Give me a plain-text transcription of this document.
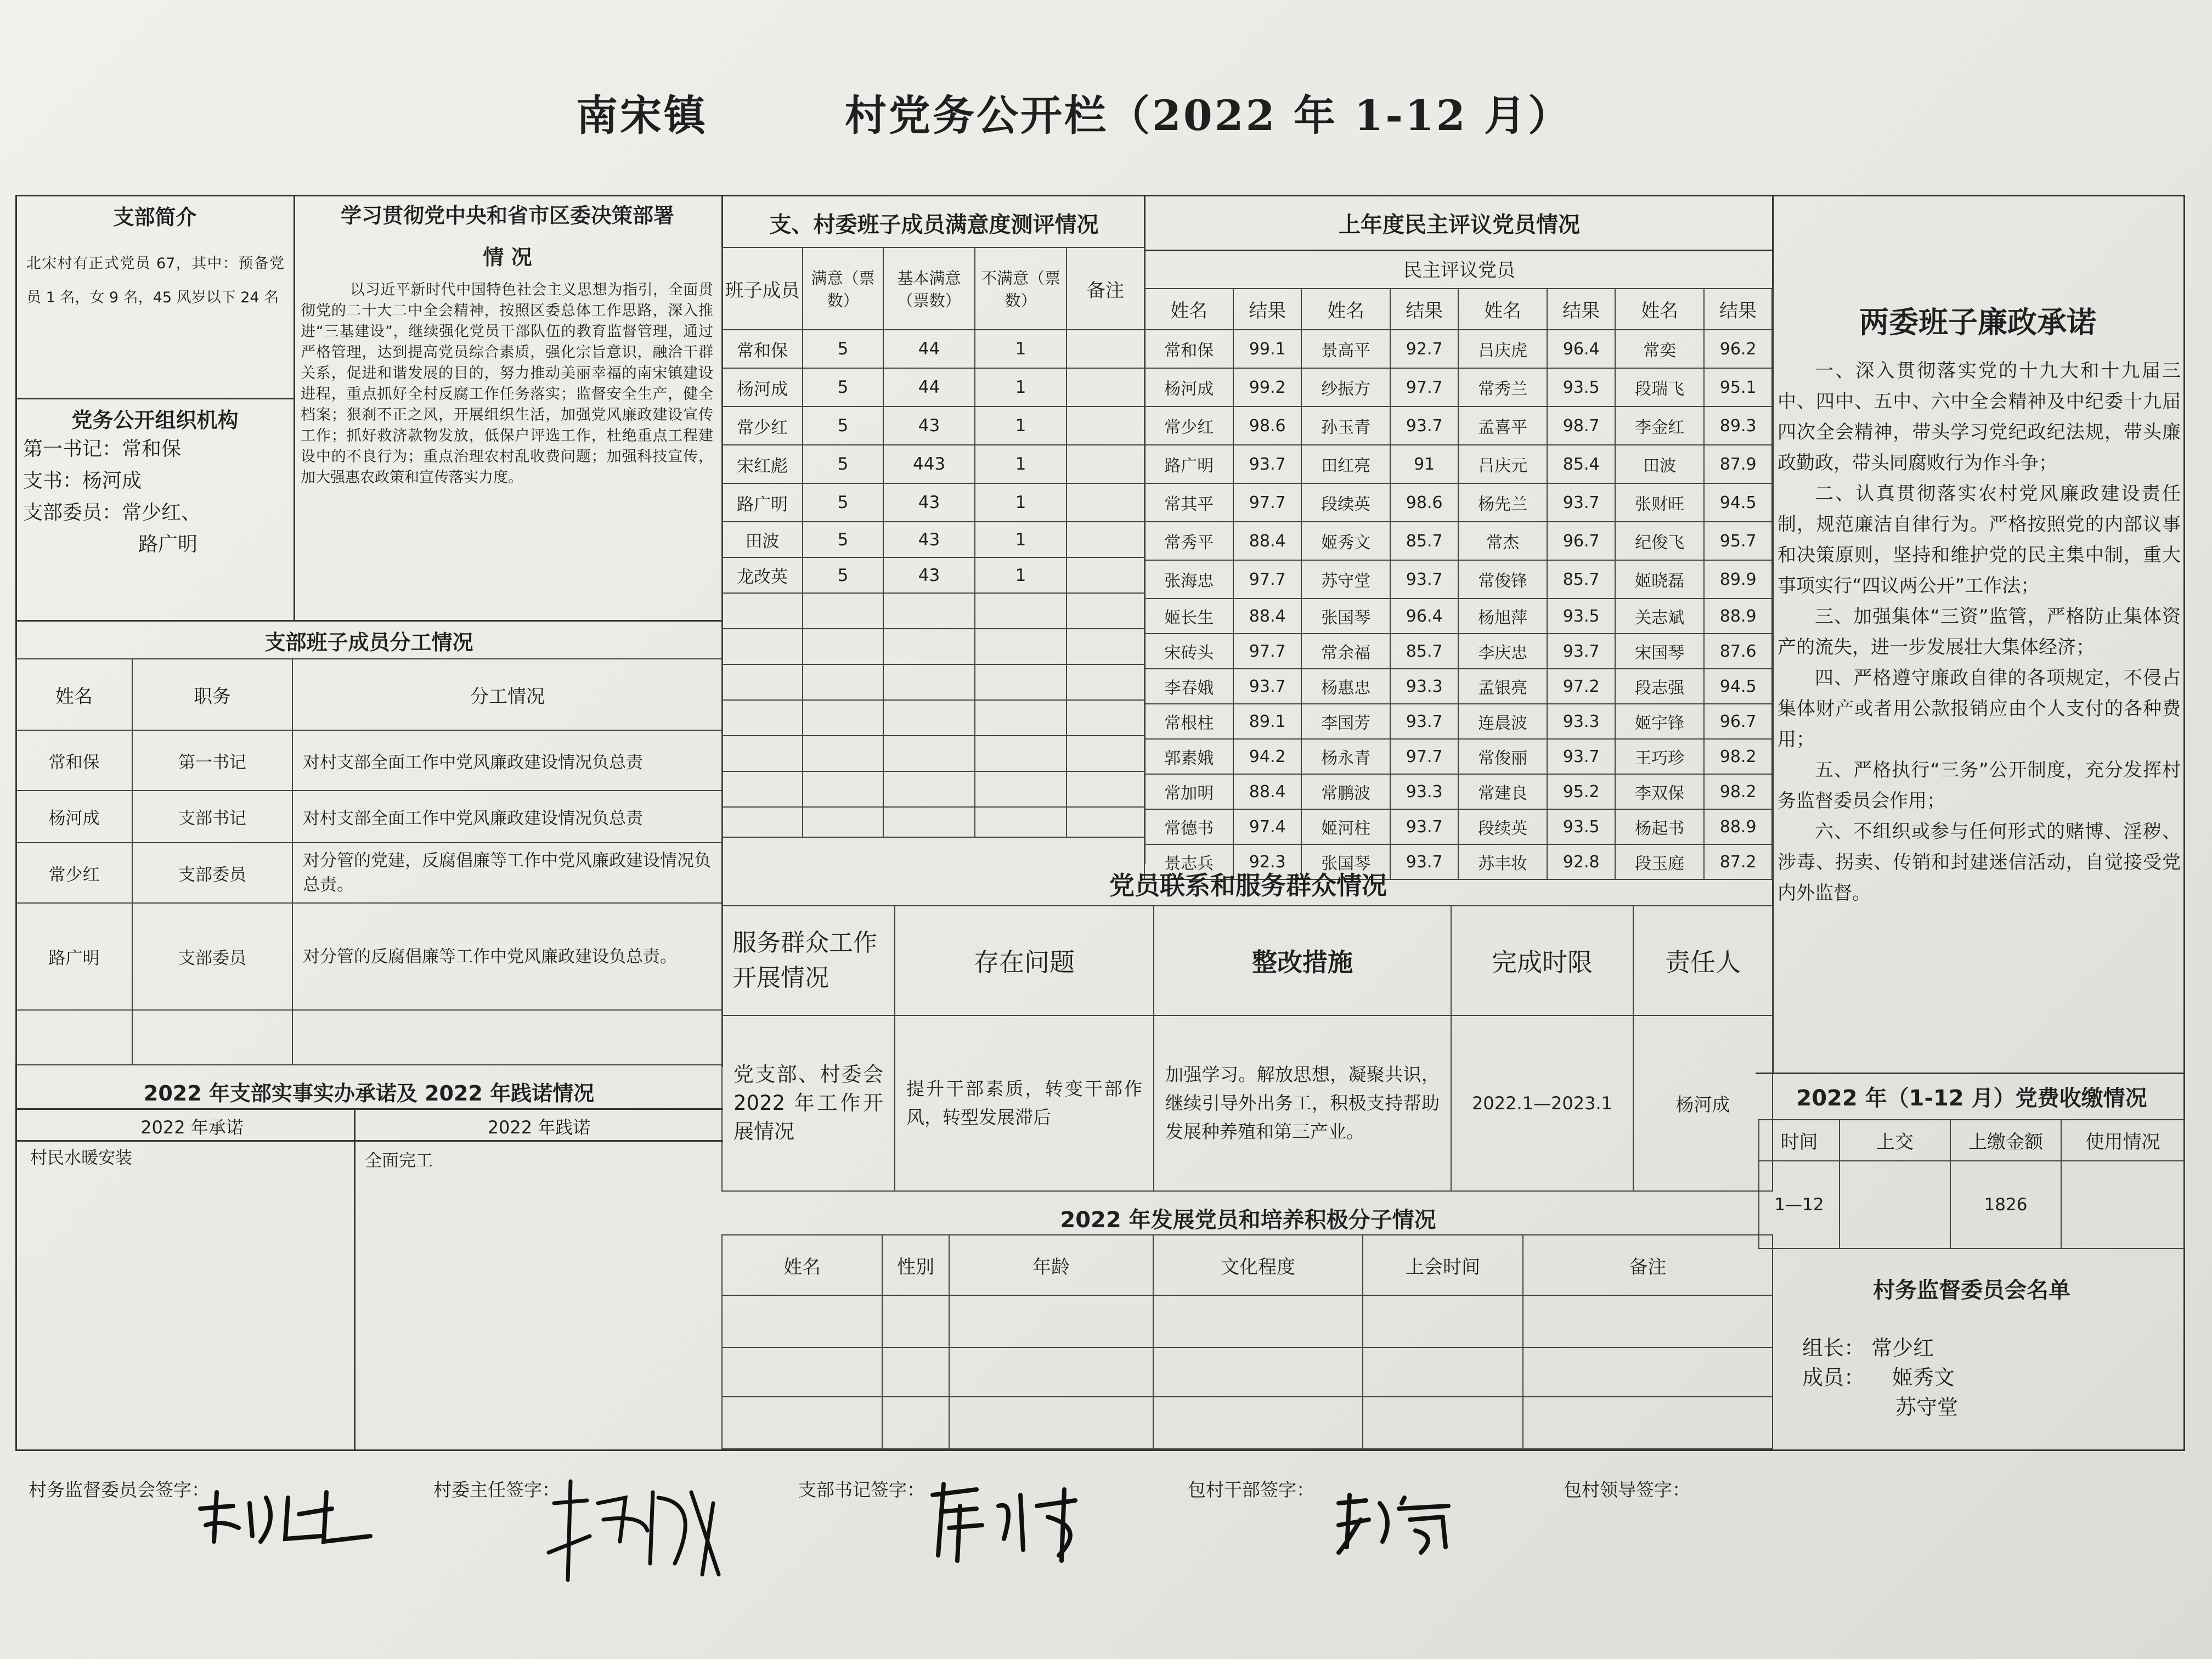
南宋镇	村党务公开栏（2022 年 1-12 月）
支部简介
北宋村有正式党员 67，其中：预备党员 1 名，女 9 名，45 风岁以下 24 名
党务公开组织机构
第一书记：常和保
支书：杨河成
支部委员：常少红、
路广明
学习贯彻党中央和省市区委决策部署
情 况
以习近平新时代中国特色社会主义思想为指引，全面贯彻党的二十大二中全会精神，按照区委总体工作思路，深入推进“三基建设”，继续强化党员干部队伍的教育监督管理，通过严格管理，达到提高党员综合素质，强化宗旨意识，融洽干群关系，促进和谐发展的目的，努力推动美丽幸福的南宋镇建设进程，重点抓好全村反腐工作任务落实；监督安全生产，健全档案；狠刹不正之风，开展组织生活，加强党风廉政建设宣传工作；抓好救济款物发放，低保户评选工作，杜绝重点工程建设中的不良行为；重点治理农村乱收费问题；加强科技宣传，加大强惠农政策和宣传落实力度。
支部班子成员分工情况
姓名	职务	分工情况
常和保	第一书记	对村支部全面工作中党风廉政建设情况负总责
杨河成	支部书记	对村支部全面工作中党风廉政建设情况负总责
常少红	支部委员	对分管的党建，反腐倡廉等工作中党风廉政建设情况负总责。
路广明	支部委员	对分管的反腐倡廉等工作中党风廉政建设负总责。

2022 年支部实事实办承诺及 2022 年践诺情况
2022 年承诺	2022 年践诺
村民水暖安装	全面完工
支、村委班子成员满意度测评情况
班子成员	满意（票数）	基本满意（票数）	不满意（票数）	备注
常和保	5	44	1	
杨河成	5	44	1	
常少红	5	43	1	
宋红彪	5	443	1	
路广明	5	43	1	
田波	5	43	1	
龙改英	5	43	1	

上年度民主评议党员情况
民主评议党员
姓名	结果	姓名	结果	姓名	结果	姓名	结果
常和保	99.1	景高平	92.7	吕庆虎	96.4	常奕	96.2
杨河成	99.2	纱振方	97.7	常秀兰	93.5	段瑞飞	95.1
常少红	98.6	孙玉青	93.7	孟喜平	98.7	李金红	89.3
路广明	93.7	田红亮	91	吕庆元	85.4	田波	87.9
常其平	97.7	段续英	98.6	杨先兰	93.7	张财旺	94.5
常秀平	88.4	姬秀文	85.7	常杰	96.7	纪俊飞	95.7
张海忠	97.7	苏守堂	93.7	常俊锋	85.7	姬晓磊	89.9
姬长生	88.4	张国琴	96.4	杨旭萍	93.5	关志斌	88.9
宋砖头	97.7	常余福	85.7	李庆忠	93.7	宋国琴	87.6
李春娥	93.7	杨惠忠	93.3	孟银亮	97.2	段志强	94.5
常根柱	89.1	李国芳	93.7	连晨波	93.3	姬宇锋	96.7
郭素娥	94.2	杨永青	97.7	常俊丽	93.7	王巧珍	98.2
常加明	88.4	常鹏波	93.3	常建良	95.2	李双保	98.2
常德书	97.4	姬河柱	93.7	段续英	93.5	杨起书	88.9
景志兵	92.3	张国琴	93.7	苏丰妆	92.8	段玉庭	87.2
党员联系和服务群众情况
服务群众工作开展情况	存在问题	整改措施	完成时限	责任人
党支部、村委会 2022 年工作开展情况	提升干部素质，转变干部作风，转型发展滞后	加强学习。解放思想，凝聚共识，继续引导外出务工，积极支持帮助发展种养殖和第三产业。	2022.1—2023.1	杨河成
2022 年发展党员和培养积极分子情况
姓名	性别	年龄	文化程度	上会时间	备注

两委班子廉政承诺
一、深入贯彻落实党的十九大和十九届三中、四中、五中、六中全会精神及中纪委十九届四次全会精神，带头学习党纪政纪法规，带头廉政勤政，带头同腐败行为作斗争；
二、认真贯彻落实农村党风廉政建设责任制，规范廉洁自律行为。严格按照党的内部议事和决策原则，坚持和维护党的民主集中制，重大事项实行“四议两公开”工作法；
三、加强集体“三资”监管，严格防止集体资产的流失，进一步发展壮大集体经济；
四、严格遵守廉政自律的各项规定，不侵占集体财产或者用公款报销应由个人支付的各种费用；
五、严格执行“三务”公开制度，充分发挥村务监督委员会作用；
六、不组织或参与任何形式的赌博、淫秽、涉毒、拐卖、传销和封建迷信活动，自觉接受党内外监督。
2022 年（1-12 月）党费收缴情况
时间	上交	上缴金额	使用情况
1—12		1826	
村务监督委员会名单
组长： 常少红
成员： 姬秀文
苏守堂
村务监督委员会签字：	村委主任签字：	支部书记签字：	包村干部签字：	包村领导签字：
